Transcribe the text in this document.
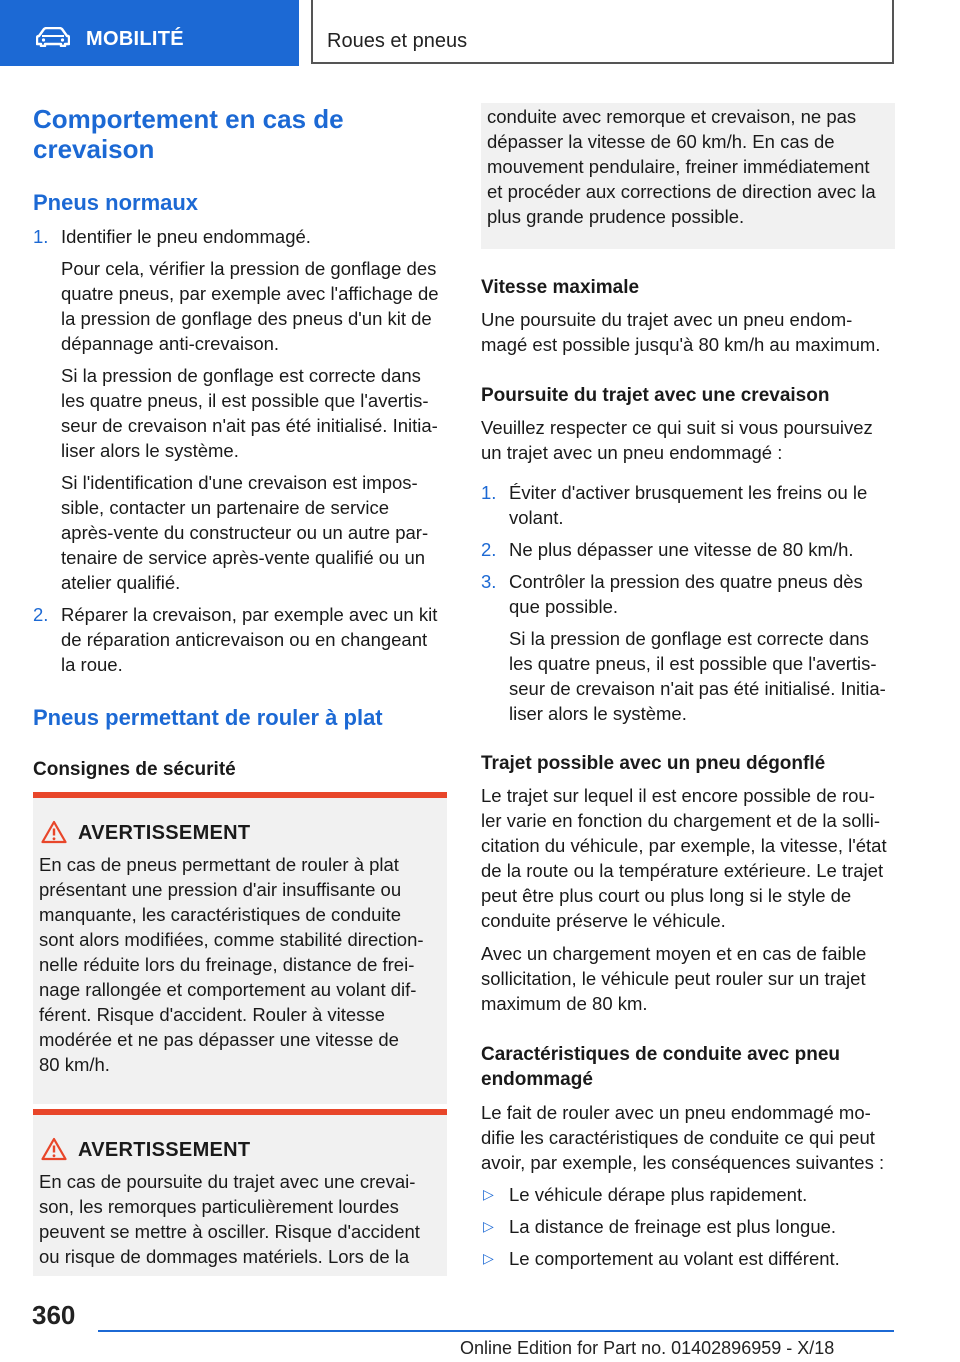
MOBILITÉ	Roues et pneus
Comportement en cas de
crevaison
Pneus normaux
1. Identifier le pneu endommagé.
Pour cela, vérifier la pression de gonflage des
quatre pneus, par exemple avec l'affichage de
la pression de gonflage des pneus d'un kit de
dépannage anti-crevaison.
Si la pression de gonflage est correcte dans
les quatre pneus, il est possible que l'avertis-
seur de crevaison n'ait pas été initialisé. Initia-
liser alors le système.
Si l'identification d'une crevaison est impos-
sible, contacter un partenaire de service
après-vente du constructeur ou un autre par-
tenaire de service après-vente qualifié ou un
atelier qualifié.
2. Réparer la crevaison, par exemple avec un kit
de réparation anticrevaison ou en changeant
la roue.
Pneus permettant de rouler à plat
Consignes de sécurité
AVERTISSEMENT
En cas de pneus permettant de rouler à plat
présentant une pression d'air insuffisante ou
manquante, les caractéristiques de conduite
sont alors modifiées, comme stabilité direction-
nelle réduite lors du freinage, distance de frei-
nage rallongée et comportement au volant dif-
férent. Risque d'accident. Rouler à vitesse
modérée et ne pas dépasser une vitesse de
80 km/h.
AVERTISSEMENT
En cas de poursuite du trajet avec une crevai-
son, les remorques particulièrement lourdes
peuvent se mettre à osciller. Risque d'accident
ou risque de dommages matériels. Lors de la
conduite avec remorque et crevaison, ne pas
dépasser la vitesse de 60 km/h. En cas de
mouvement pendulaire, freiner immédiatement
et procéder aux corrections de direction avec la
plus grande prudence possible.
Vitesse maximale
Une poursuite du trajet avec un pneu endom-
magé est possible jusqu'à 80 km/h au maximum.
Poursuite du trajet avec une crevaison
Veuillez respecter ce qui suit si vous poursuivez
un trajet avec un pneu endommagé :
1. Éviter d'activer brusquement les freins ou le
volant.
2. Ne plus dépasser une vitesse de 80 km/h.
3. Contrôler la pression des quatre pneus dès
que possible.
Si la pression de gonflage est correcte dans
les quatre pneus, il est possible que l'avertis-
seur de crevaison n'ait pas été initialisé. Initia-
liser alors le système.
Trajet possible avec un pneu dégonflé
Le trajet sur lequel il est encore possible de rou-
ler varie en fonction du chargement et de la solli-
citation du véhicule, par exemple, la vitesse, l'état
de la route ou la température extérieure. Le trajet
peut être plus court ou plus long si le style de
conduite préserve le véhicule.
Avec un chargement moyen et en cas de faible
sollicitation, le véhicule peut rouler sur un trajet
maximum de 80 km.
Caractéristiques de conduite avec pneu
endommagé
Le fait de rouler avec un pneu endommagé mo-
difie les caractéristiques de conduite ce qui peut
avoir, par exemple, les conséquences suivantes :
▷ Le véhicule dérape plus rapidement.
▷ La distance de freinage est plus longue.
▷ Le comportement au volant est différent.
360
Online Edition for Part no. 01402896959 - X/18
